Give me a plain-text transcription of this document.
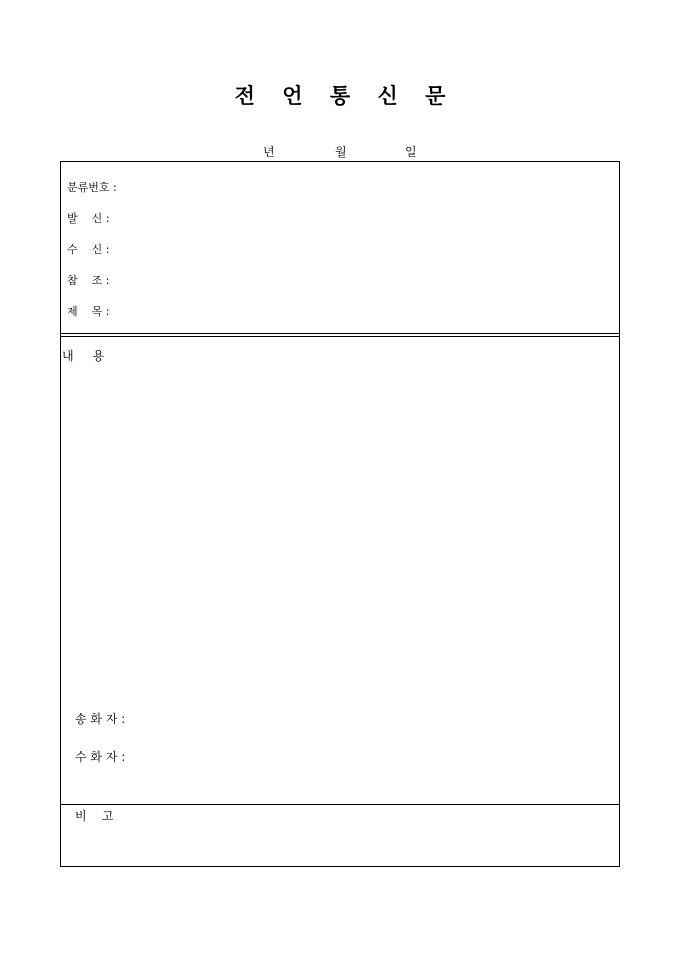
전 언 통 신 문
년	월	일
분류번호 :
발    신 :
수    신 :
참    조 :
제    목 :
내     용
송 화 자 :
수 화 자 :
비    고
